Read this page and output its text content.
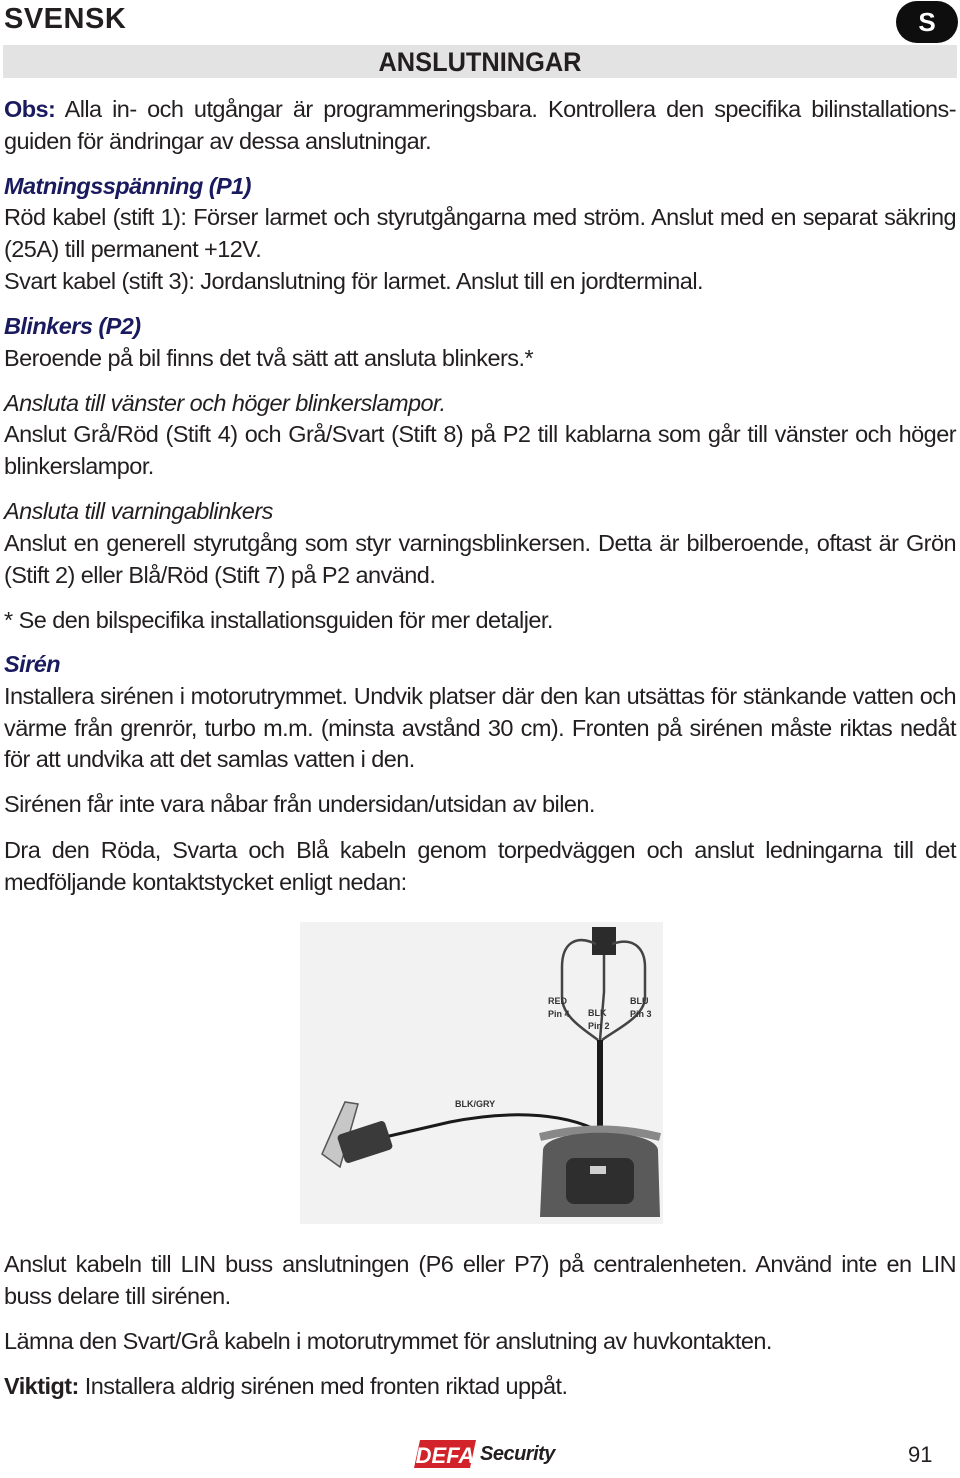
SVENSK	S
ANSLUTNINGAR
Obs: Alla in- och utgångar är programmeringsbara. Kontrollera den specifika bilinstallations-guiden för ändringar av dessa anslutningar.
Matningsspänning (P1)
Röd kabel (stift 1): Förser larmet och styrutgångarna med ström. Anslut med en separat säkring (25A) till permanent +12V.
Svart kabel (stift 3): Jordanslutning för larmet. Anslut till en jordterminal.
Blinkers (P2)
Beroende på bil finns det två sätt att ansluta blinkers.*
Ansluta till vänster och höger blinkerslampor.
Anslut Grå/Röd (Stift 4) och Grå/Svart (Stift 8) på P2 till kablarna som går till vänster och höger blinkerslampor.
Ansluta till varningablinkers
Anslut en generell styrutgång som styr varningsblinkersen. Detta är bilberoende, oftast är Grön (Stift 2) eller Blå/Röd (Stift 7) på P2 använd.
* Se den bilspecifika installationsguiden för mer detaljer.
Sirén
Installera sirénen i motorutrymmet. Undvik platser där den kan utsättas för stänkande vatten och värme från grenrör, turbo m.m. (minsta avstånd 30 cm). Fronten på sirénen måste riktas nedåt för att undvika att det samlas vatten i den.
Sirénen får inte vara nåbar från undersidan/utsidan av bilen.
Dra den Röda, Svarta och Blå kabeln genom torpedväggen och anslut ledningarna till det medföljande kontaktstycket enligt nedan:
RED
Pin 4 BLK
Pin 2
BLU
Pin 3
BLK/GRY
Anslut kabeln till LIN buss anslutningen (P6 eller P7) på centralenheten. Använd inte en LIN buss delare till sirénen.
Lämna den Svart/Grå kabeln i motorutrymmet för anslutning av huvkontakten.
Viktigt: Installera aldrig sirénen med fronten riktad uppåt.
DEFA Security	91
